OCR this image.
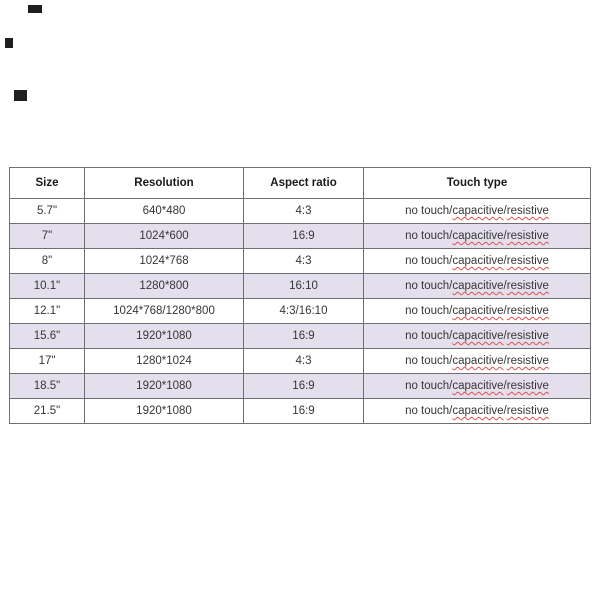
Size	Resolution	Aspect ratio	Touch type
5.7"	640*480	4:3	no touch/capacitive/resistive
7"	1024*600	16:9	no touch/capacitive/resistive
8"	1024*768	4:3	no touch/capacitive/resistive
10.1"	1280*800	16:10	no touch/capacitive/resistive
12.1"	1024*768/1280*800	4:3/16:10	no touch/capacitive/resistive
15.6"	1920*1080	16:9	no touch/capacitive/resistive
17"	1280*1024	4:3	no touch/capacitive/resistive
18.5"	1920*1080	16:9	no touch/capacitive/resistive
21.5"	1920*1080	16:9	no touch/capacitive/resistive
